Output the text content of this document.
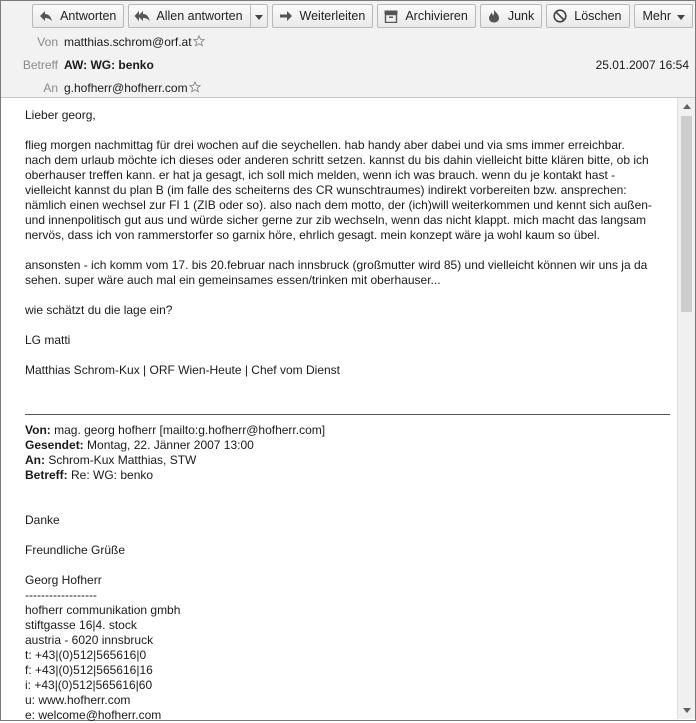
Antworten	Allen antworten	Weiterleiten	Archivieren	Junk	Löschen Mehr
Von matthias.schrom@orf.at
Betreff AW: WG: benko	25.01.2007 16:54
An g.hofherr@hofherr.com

Lieber georg,

flieg morgen nachmittag für drei wochen auf die seychellen. hab handy aber dabei und via sms immer erreichbar.

nach dem urlaub möchte ich dieses oder anderen schritt setzen. kannst du bis dahin vielleicht bitte klären bitte, ob ich

oberhauser treffen kann. er hat ja gesagt, ich soll mich melden, wenn ich was brauch. wenn du je kontakt hast -

vielleicht kannst du plan B (im falle des scheiterns des CR wunschtraumes) indirekt vorbereiten bzw. ansprechen:

nämlich einen wechsel zur FI 1 (ZIB oder so). also nach dem motto, der (ich)will weiterkommen und kennt sich außen-

und innenpolitisch gut aus und würde sicher gerne zur zib wechseln, wenn das nicht klappt. mich macht das langsam

nervös, dass ich von rammerstorfer so garnix höre, ehrlich gesagt. mein konzept wäre ja wohl kaum so übel.

ansonsten - ich komm vom 17. bis 20.februar nach innsbruck (großmutter wird 85) und vielleicht können wir uns ja da

sehen. super wäre auch mal ein gemeinsames essen/trinken mit oberhauser...

wie schätzt du die lage ein?

LG matti

Matthias Schrom-Kux | ORF Wien-Heute | Chef vom Dienst

Von: mag. georg hofherr [mailto:g.hofherr@hofherr.com]

Gesendet: Montag, 22. Jänner 2007 13:00

An: Schrom-Kux Matthias, STW

Betreff: Re: WG: benko

Danke

Freundliche Grüße

Georg Hofherr

------------------

hofherr communikation gmbh

stiftgasse 16|4. stock

austria - 6020 innsbruck

t: +43|(0)512|565616|0

f: +43|(0)512|565616|16

i: +43|(0)512|565616|60

u: www.hofherr.com

e: welcome@hofherr.com
